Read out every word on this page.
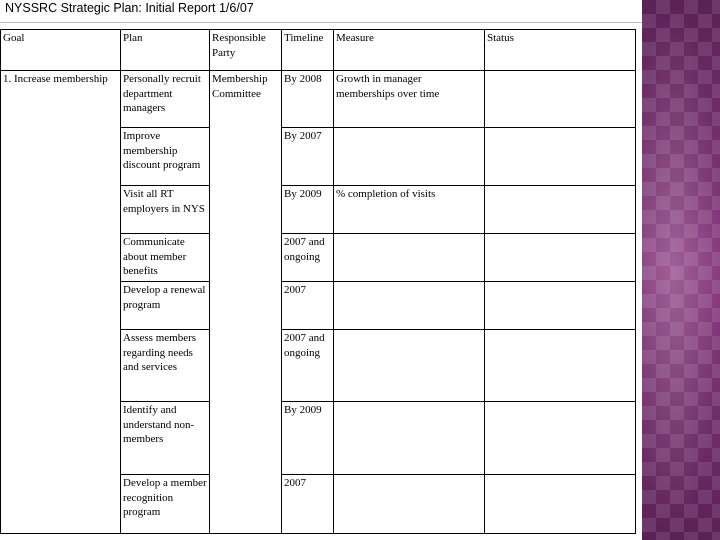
NYSSRC Strategic Plan: Initial Report 1/6/07
Goal	Plan	Responsible Party	Timeline	Measure	Status
1. Increase membership	Personally recruit department managers	Membership Committee	By 2008	Growth in manager memberships over time	
	Improve membership discount program		By 2007		
	Visit all RT employers in NYS		By 2009	% completion of visits	
	Communicate about member benefits		2007 and ongoing		
	Develop a renewal program		2007		
	Assess members regarding needs and services		2007 and ongoing		
	Identify and understand non-members		By 2009		
	Develop a member recognition program		2007		
